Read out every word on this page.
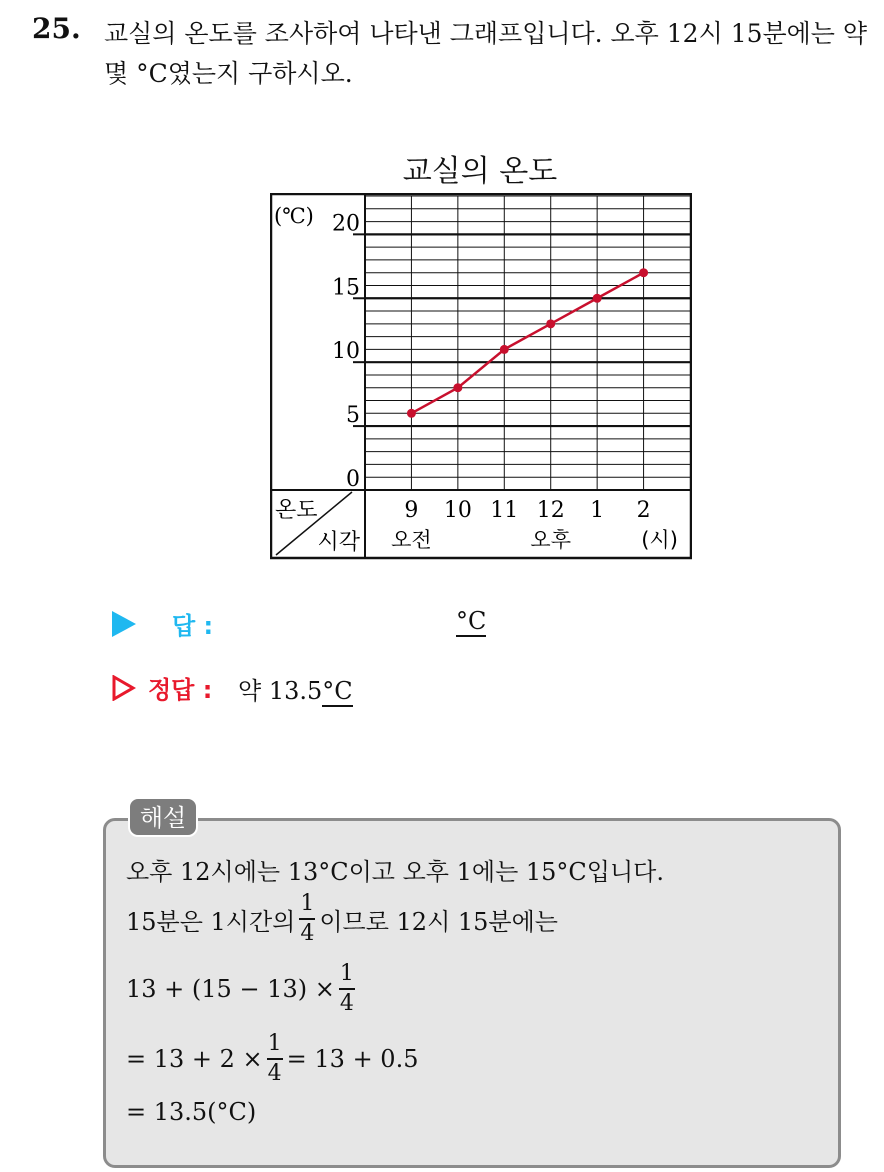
25. 교실의 온도를 조사하여 나타낸 그래프입니다. 오후 12시 15분에는 약 몇 °C였는지 구하시오.
교실의 온도
0
5
10
15
20
(℃)
온도
시각
9 10 11 12 1 2
오전	오후	(시)
답 :	°C
정답 : 약 13.5°C
해설
오후 12시에는 13°C이고 오후 1에는 15°C입니다.
15분은 1시간의 $\frac{1}{4}$ 이므로 12시 15분에는
$13 + (15 - 13) \times \frac{1}{4}$
= $13 + 2 \times \frac{1}{4} = 13 + 0.5$
= 13.5(°C)
